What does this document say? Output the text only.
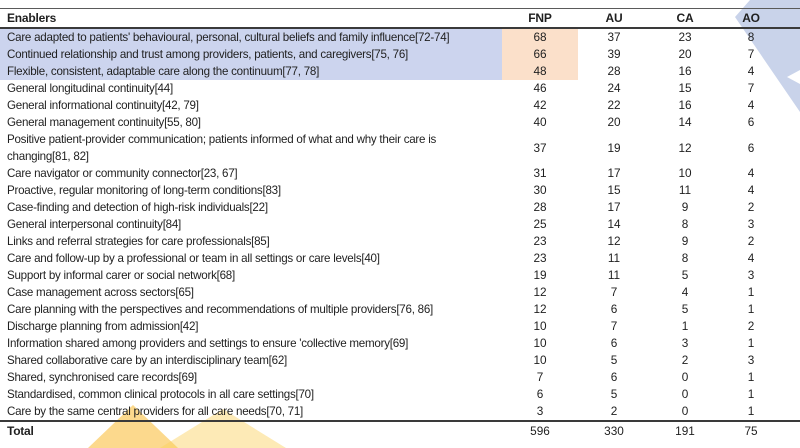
Enablers	FNP	AU	CA	AO	
Care adapted to patients' behavioural, personal, cultural beliefs and family influence[72-74]	68	37	23	8	
Continued relationship and trust among providers, patients, and caregivers[75, 76]	66	39	20	7	
Flexible, consistent, adaptable care along the continuum[77, 78]	48	28	16	4	
General longitudinal continuity[44]	46	24	15	7	
General informational continuity[42, 79]	42	22	16	4	
General management continuity[55, 80]	40	20	14	6	
Positive patient-provider communication; patients informed of what and why their care is changing[81, 82]	37	19	12	6	
Care navigator or community connector[23, 67]	31	17	10	4	
Proactive, regular monitoring of long-term conditions[83]	30	15	11	4	
Case-finding and detection of high-risk individuals[22]	28	17	9	2	
General interpersonal continuity[84]	25	14	8	3	
Links and referral strategies for care professionals[85]	23	12	9	2	
Care and follow-up by a professional or team in all settings or care levels[40]	23	11	8	4	
Support by informal carer or social network[68]	19	11	5	3	
Case management across sectors[65]	12	7	4	1	
Care planning with the perspectives and recommendations of multiple providers[76, 86]	12	6	5	1	
Discharge planning from admission[42]	10	7	1	2	
Information shared among providers and settings to ensure 'collective memory[69]	10	6	3	1	
Shared collaborative care by an interdisciplinary team[62]	10	5	2	3	
Shared, synchronised care records[69]	7	6	0	1	
Standardised, common clinical protocols in all care settings[70]	6	5	0	1	
Care by the same central providers for all care needs[70, 71]	3	2	0	1	
Total	596	330	191	75	
